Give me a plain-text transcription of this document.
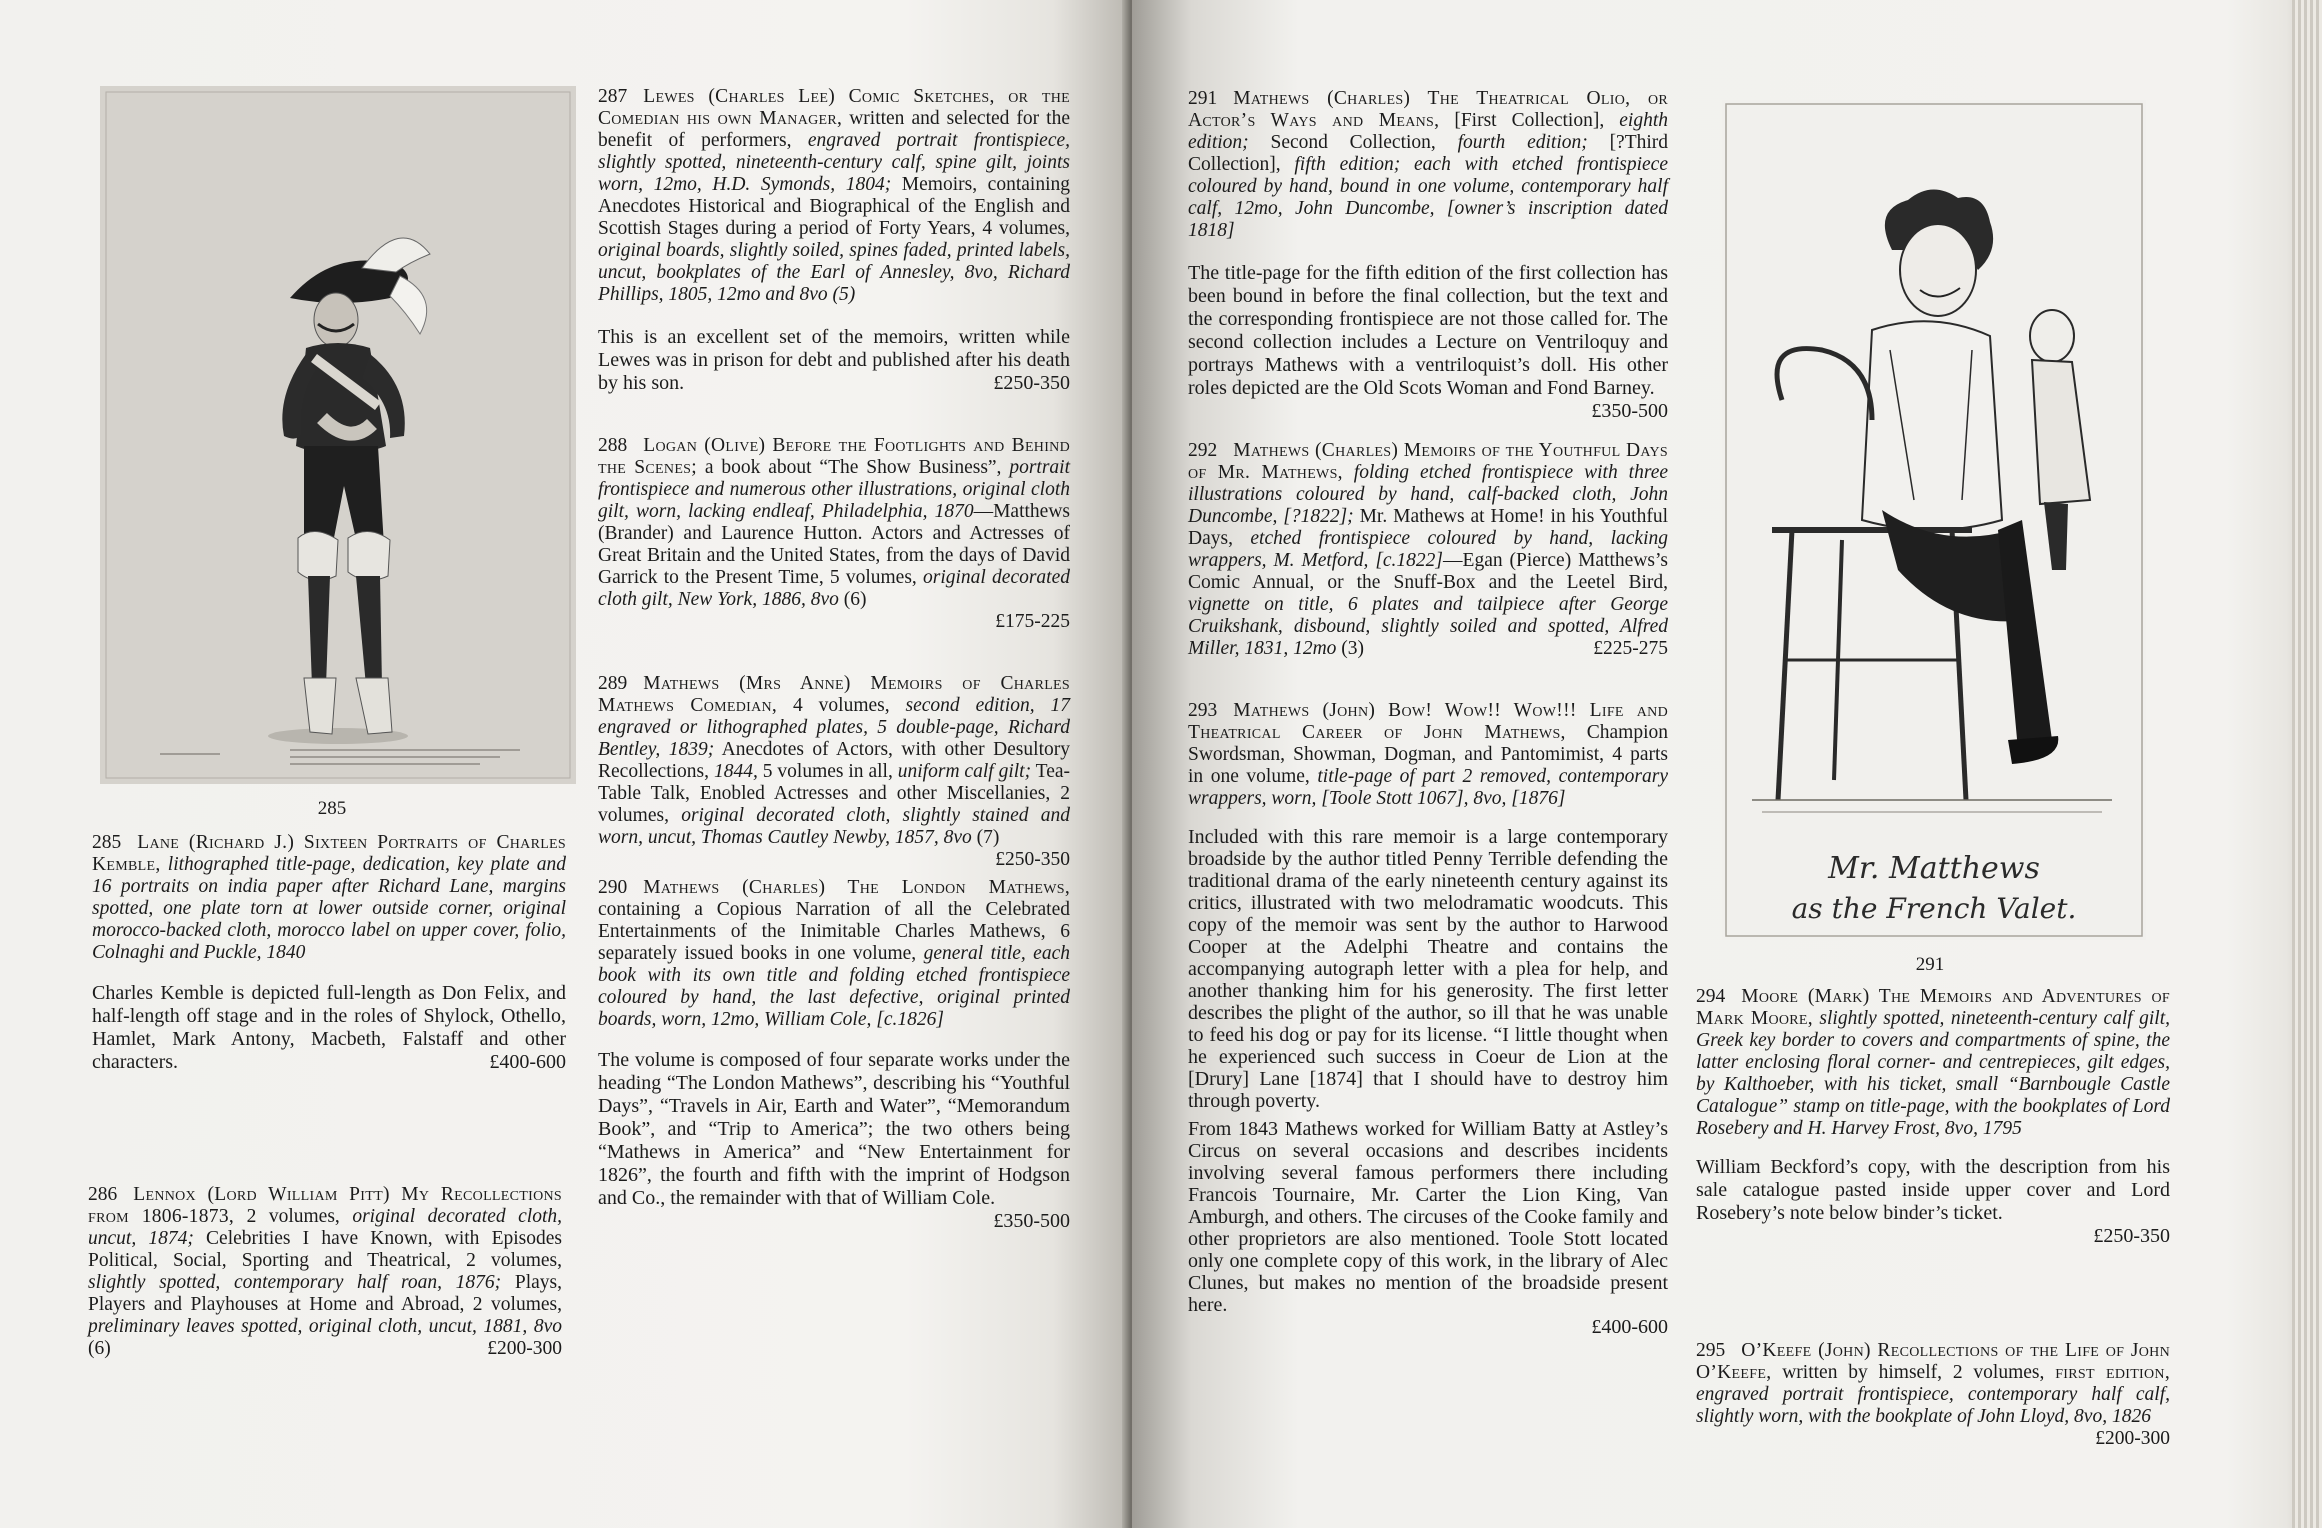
285
285 Lane (Richard J.) Sixteen Portraits of Charles Kemble, lithographed title-page, dedication, key plate and 16 portraits on india paper after Richard Lane, margins spotted, one plate torn at lower outside corner, original morocco-backed cloth, morocco label on upper cover, folio, Colnaghi and Puckle, 1840
Charles Kemble is depicted full-length as Don Felix, and half-length off stage and in the roles of Shylock, Othello, Hamlet, Mark Antony, Macbeth, Falstaff and other characters.	£400-600
286 Lennox (Lord William Pitt) My Recollections from 1806-1873, 2 volumes, original decorated cloth, uncut, 1874; Celebrities I have Known, with Episodes Political, Social, Sporting and Theatrical, 2 volumes, slightly spotted, contemporary half roan, 1876; Plays, Players and Playhouses at Home and Abroad, 2 volumes, preliminary leaves spotted, original cloth, uncut, 1881, 8vo (6)	£200-300
287 Lewes (Charles Lee) Comic Sketches, or the Comedian his own Manager, written and selected for the benefit of performers, engraved portrait frontispiece, slightly spotted, nineteenth-century calf, spine gilt, joints worn, 12mo, H.D. Symonds, 1804; Memoirs, containing Anecdotes Historical and Biographical of the English and Scottish Stages during a period of Forty Years, 4 volumes, original boards, slightly soiled, spines faded, printed labels, uncut, bookplates of the Earl of Annesley, 8vo, Richard Phillips, 1805, 12mo and 8vo (5)
This is an excellent set of the memoirs, written while Lewes was in prison for debt and published after his death by his son.	£250-350
288 Logan (Olive) Before the Footlights and Behind the Scenes; a book about “The Show Business”, portrait frontispiece and numerous other illustrations, original cloth gilt, worn, lacking endleaf, Philadelphia, 1870—Matthews (Brander) and Laurence Hutton. Actors and Actresses of Great Britain and the United States, from the days of David Garrick to the Present Time, 5 volumes, original decorated cloth gilt, New York, 1886, 8vo (6)
£175-225
289 Mathews (Mrs Anne) Memoirs of Charles Mathews Comedian, 4 volumes, second edition, 17 engraved or lithographed plates, 5 double-page, Richard Bentley, 1839; Anecdotes of Actors, with other Desultory Recollections, 1844, 5 volumes in all, uniform calf gilt; Tea-Table Talk, Enobled Actresses and other Miscellanies, 2 volumes, original decorated cloth, slightly stained and worn, uncut, Thomas Cautley Newby, 1857, 8vo (7)
£250-350
290 Mathews (Charles) The London Mathews, containing a Copious Narration of all the Celebrated Entertainments of the Inimitable Charles Mathews, 6 separately issued books in one volume, general title, each book with its own title and folding etched frontispiece coloured by hand, the last defective, original printed boards, worn, 12mo, William Cole, [c.1826]
The volume is composed of four separate works under the heading “The London Mathews”, describing his “Youthful Days”, “Travels in Air, Earth and Water”, “Memorandum Book”, and “Trip to America”; the two others being “Mathews in America” and “New Entertainment for 1826”, the fourth and fifth with the imprint of Hodgson and Co., the remainder with that of William Cole.
£350-500
291 Mathews (Charles) The Theatrical Olio, or Actor’s Ways and Means, [First Collection], eighth edition; Second Collection, fourth edition; [?Third Collection], fifth edition; each with etched frontispiece coloured by hand, bound in one volume, contemporary half calf, 12mo, John Duncombe, [owner’s inscription dated 1818]
The title-page for the fifth edition of the first collection has been bound in before the final collection, but the text and the corresponding frontispiece are not those called for. The second collection includes a Lecture on Ventriloquy and portrays Mathews with a ventriloquist’s doll. His other roles depicted are the Old Scots Woman and Fond Barney.
£350-500
292 Mathews (Charles) Memoirs of the Youthful Days of Mr. Mathews, folding etched frontispiece with three illustrations coloured by hand, calf-backed cloth, John Duncombe, [?1822]; Mr. Mathews at Home! in his Youthful Days, etched frontispiece coloured by hand, lacking wrappers, M. Metford, [c.1822]—Egan (Pierce) Matthews’s Comic Annual, or the Snuff-Box and the Leetel Bird, vignette on title, 6 plates and tailpiece after George Cruikshank, disbound, slightly soiled and spotted, Alfred Miller, 1831, 12mo (3)	£225-275
293 Mathews (John) Bow! Wow!! Wow!!! Life and Theatrical Career of John Mathews, Champion Swordsman, Showman, Dogman, and Pantomimist, 4 parts in one volume, title-page of part 2 removed, contemporary wrappers, worn, [Toole Stott 1067], 8vo, [1876]
Included with this rare memoir is a large contemporary broadside by the author titled Penny Terrible defending the traditional drama of the early nineteenth century against its critics, illustrated with two melodramatic woodcuts. This copy of the memoir was sent by the author to Harwood Cooper at the Adelphi Theatre and contains the accompanying autograph letter with a plea for help, and another thanking him for his generosity. The first letter describes the plight of the author, so ill that he was unable to feed his dog or pay for its license. “I little thought when he experienced such success in Coeur de Lion at the [Drury] Lane [1874] that I should have to destroy him through poverty.
From 1843 Mathews worked for William Batty at Astley’s Circus on several occasions and describes incidents involving several famous performers there including Francois Tournaire, Mr. Carter the Lion King, Van Amburgh, and others. The circuses of the Cooke family and other proprietors are also mentioned. Toole Stott located only one complete copy of this work, in the library of Alec Clunes, but makes no mention of the broadside present here.
£400-600
Mr. Matthews
as the French Valet.
291
294 Moore (Mark) The Memoirs and Adventures of Mark Moore, slightly spotted, nineteenth-century calf gilt, Greek key border to covers and compartments of spine, the latter enclosing floral corner- and centrepieces, gilt edges, by Kalthoeber, with his ticket, small “Barnbougle Castle Catalogue” stamp on title-page, with the bookplates of Lord Rosebery and H. Harvey Frost, 8vo, 1795
William Beckford’s copy, with the description from his sale catalogue pasted inside upper cover and Lord Rosebery’s note below binder’s ticket.
£250-350
295 O’Keefe (John) Recollections of the Life of John O’Keefe, written by himself, 2 volumes, first edition, engraved portrait frontispiece, contemporary half calf, slightly worn, with the bookplate of John Lloyd, 8vo, 1826
£200-300
